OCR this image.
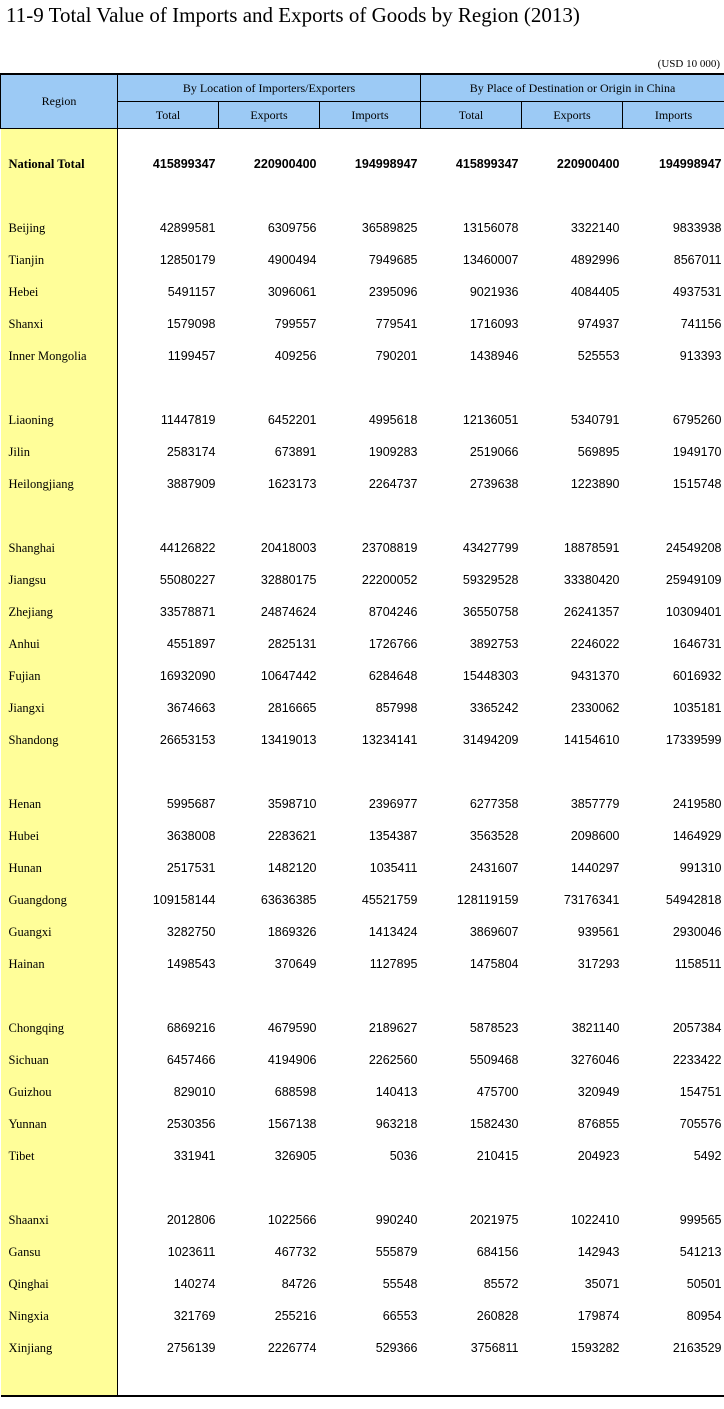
11-9 Total Value of Imports and Exports of Goods by Region (2013)
(USD 10 000)
Region	By Location of Importers/Exporters			By Place of Destination or Origin in China		
	Total	Exports	Imports	Total	Exports	Imports

National Total	415899347	220900400	194998947	415899347	220900400	194998947

Beijing	42899581	6309756	36589825	13156078	3322140	9833938
Tianjin	12850179	4900494	7949685	13460007	4892996	8567011
Hebei	5491157	3096061	2395096	9021936	4084405	4937531
Shanxi	1579098	799557	779541	1716093	974937	741156
Inner Mongolia	1199457	409256	790201	1438946	525553	913393

Liaoning	11447819	6452201	4995618	12136051	5340791	6795260
Jilin	2583174	673891	1909283	2519066	569895	1949170
Heilongjiang	3887909	1623173	2264737	2739638	1223890	1515748

Shanghai	44126822	20418003	23708819	43427799	18878591	24549208
Jiangsu	55080227	32880175	22200052	59329528	33380420	25949109
Zhejiang	33578871	24874624	8704246	36550758	26241357	10309401
Anhui	4551897	2825131	1726766	3892753	2246022	1646731
Fujian	16932090	10647442	6284648	15448303	9431370	6016932
Jiangxi	3674663	2816665	857998	3365242	2330062	1035181
Shandong	26653153	13419013	13234141	31494209	14154610	17339599

Henan	5995687	3598710	2396977	6277358	3857779	2419580
Hubei	3638008	2283621	1354387	3563528	2098600	1464929
Hunan	2517531	1482120	1035411	2431607	1440297	991310
Guangdong	109158144	63636385	45521759	128119159	73176341	54942818
Guangxi	3282750	1869326	1413424	3869607	939561	2930046
Hainan	1498543	370649	1127895	1475804	317293	1158511

Chongqing	6869216	4679590	2189627	5878523	3821140	2057384
Sichuan	6457466	4194906	2262560	5509468	3276046	2233422
Guizhou	829010	688598	140413	475700	320949	154751
Yunnan	2530356	1567138	963218	1582430	876855	705576
Tibet	331941	326905	5036	210415	204923	5492

Shaanxi	2012806	1022566	990240	2021975	1022410	999565
Gansu	1023611	467732	555879	684156	142943	541213
Qinghai	140274	84726	55548	85572	35071	50501
Ningxia	321769	255216	66553	260828	179874	80954
Xinjiang	2756139	2226774	529366	3756811	1593282	2163529
